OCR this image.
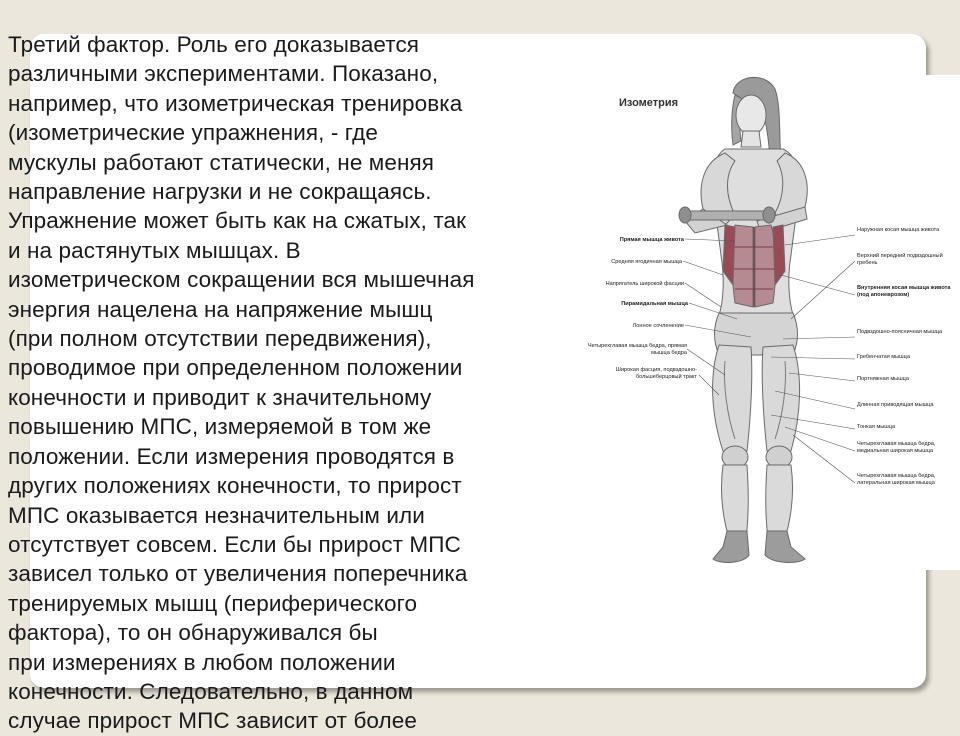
Третий фактор. Роль его доказывается
различными экспериментами. Показано,
например, что изометрическая тренировка
(изометрические упражнения, - где
мускулы работают статически, не меняя
направление нагрузки и не сокращаясь.
Упражнение может быть как на сжатых, так
и на растянутых мышцах. В
изометрическом сокращении вся мышечная
энергия нацелена на напряжение мышц
(при полном отсутствии передвижения),
проводимое при определенном положении
конечности и приводит к значительному
повышению МПС, измеряемой в том же
положении. Если измерения проводятся в
других положениях конечности, то прирост
МПС оказывается незначительным или
отсутствует совсем. Если бы прирост МПС
зависел только от увеличения поперечника
тренируемых мышц (периферического
фактора), то он обнаруживался бы
при измерениях в любом положении
конечности. Следовательно, в данном
случае прирост МПС зависит от более
Изометрия
Прямая мышца живота
Средняя ягодичная мышца
Напрягатель широкой фасции
Пирамидальная мышца
Лонное сочленение
Четырехглавая мышца бедра, прямая мышца бедра
Широкая фасция, подвздошно-большеберцовый тракт
Наружная косая мышца живота
Верхний передний подвздошный гребень
Внутренняя косая мышца живота (под апоневрозом)
Подвздошно-поясничная мышца
Гребенчатая мышца
Портняжная мышца
Длинная приводящая мышца
Тонкая мышца
Четырехглавая мышца бедра, медиальная широкая мышца
Четырехглавая мышца бедра, латеральная широкая мышца
